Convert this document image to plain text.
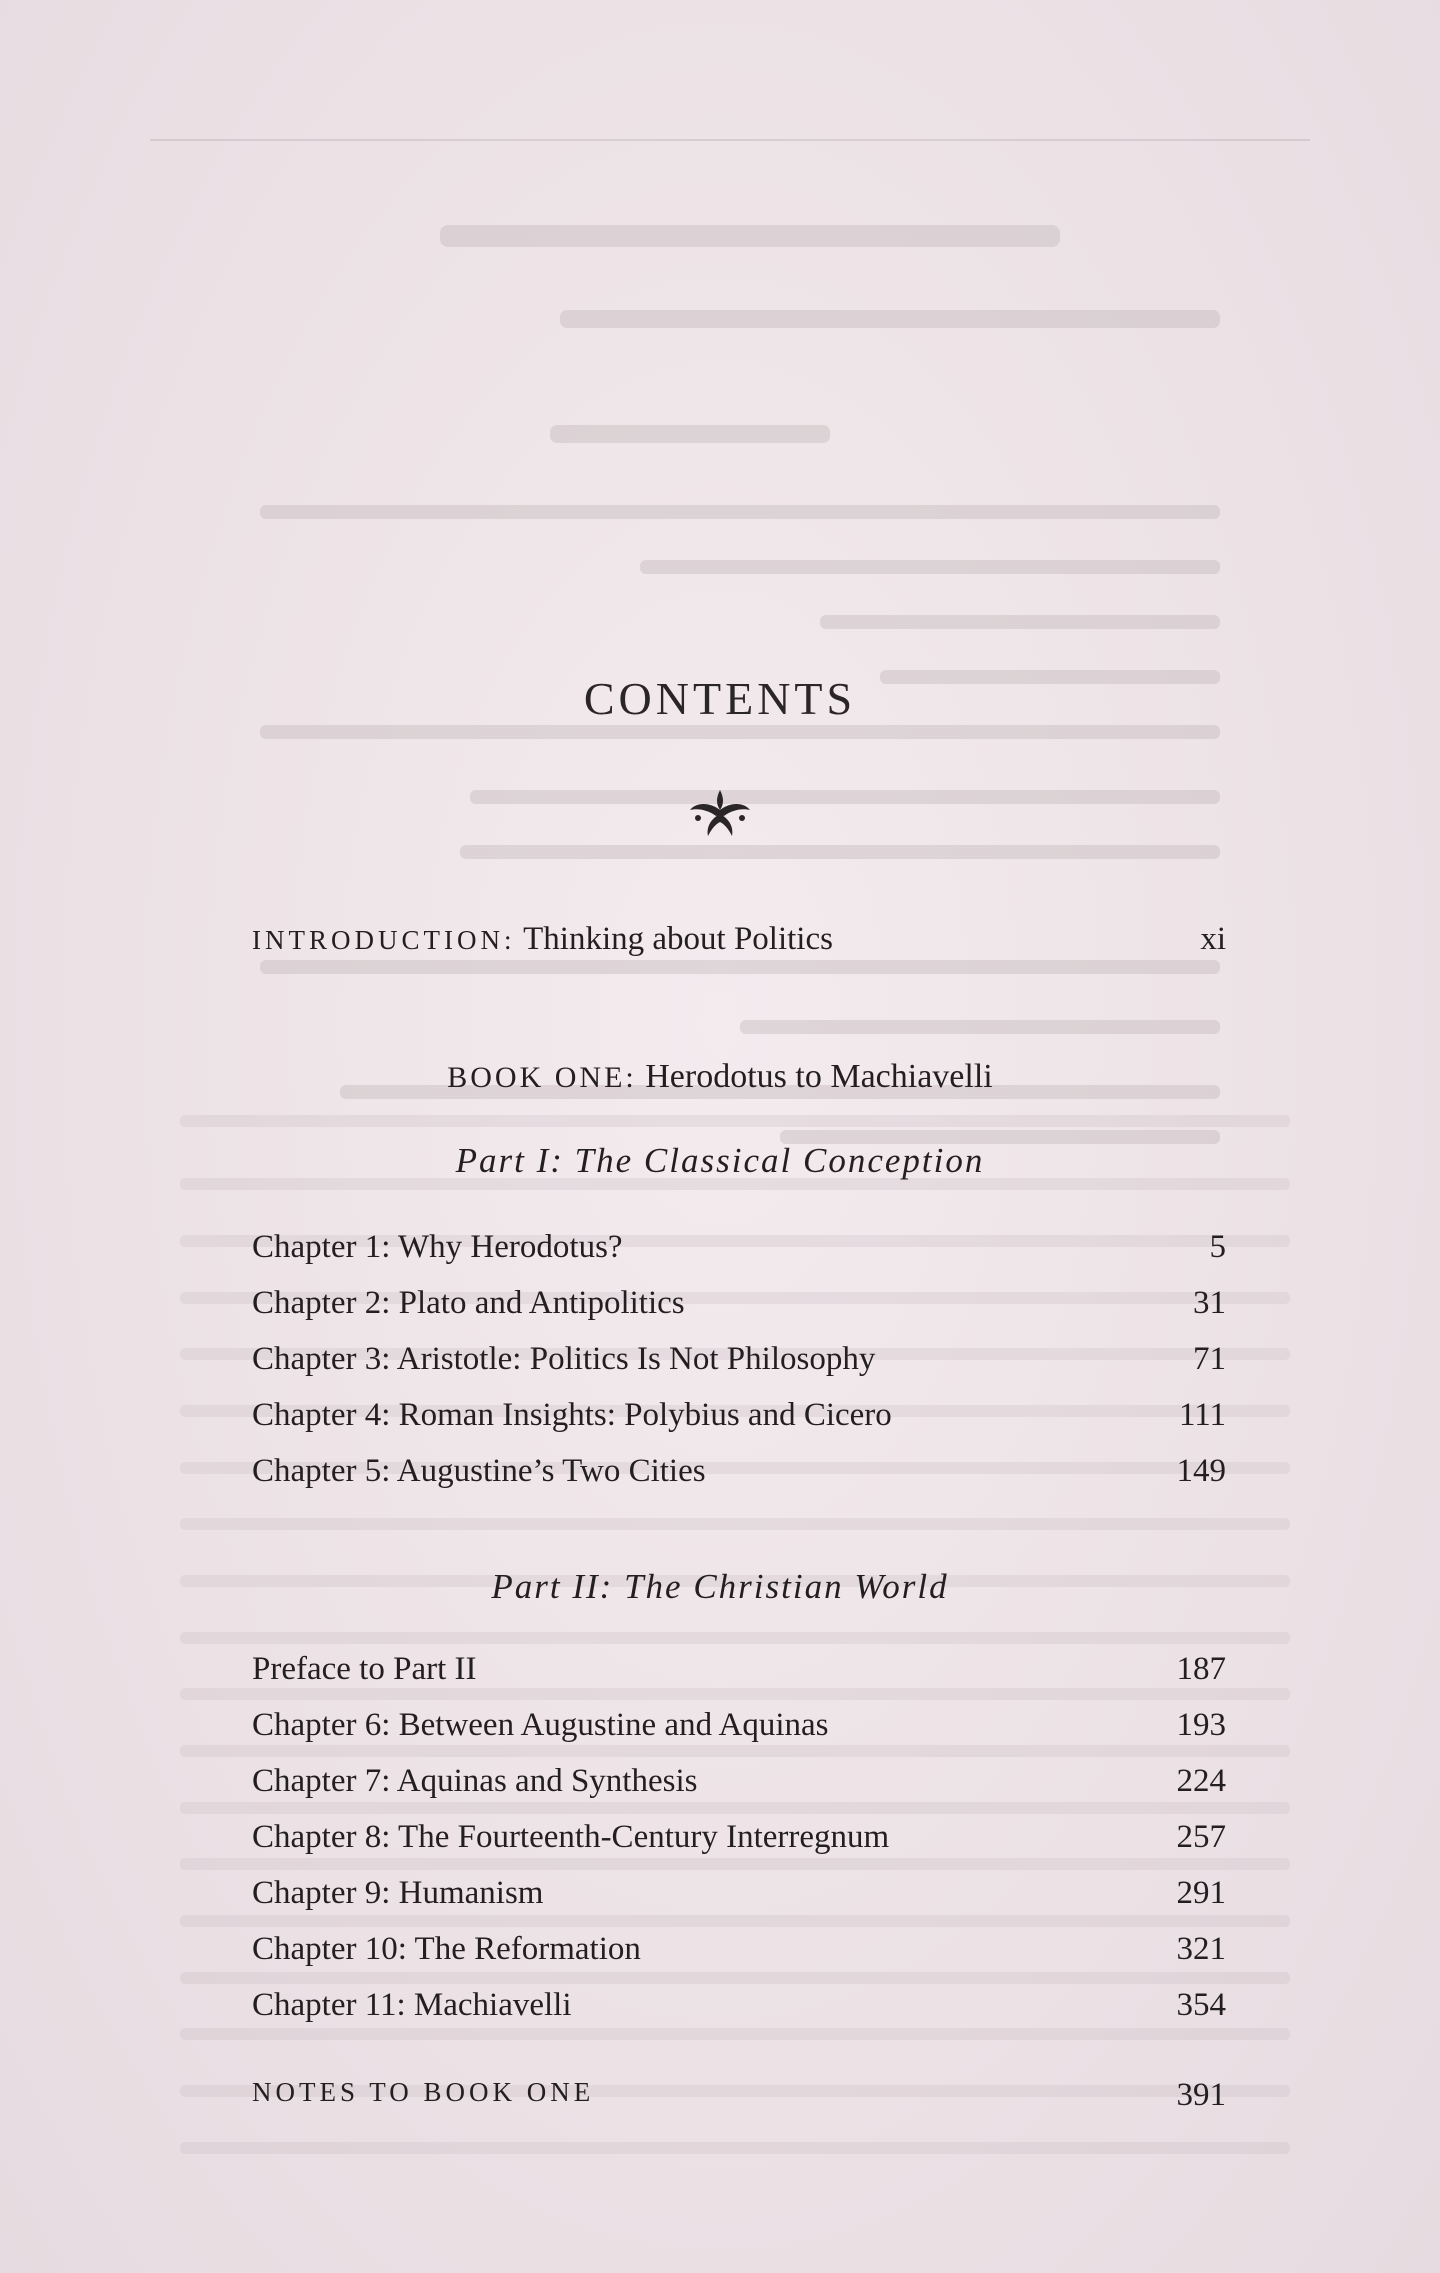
CONTENTS
INTRODUCTION: Thinking about Politics	xi
BOOK ONE: Herodotus to Machiavelli
Part I: The Classical Conception
Chapter 1: Why Herodotus?	5
Chapter 2: Plato and Antipolitics	31
Chapter 3: Aristotle: Politics Is Not Philosophy	71
Chapter 4: Roman Insights: Polybius and Cicero	111
Chapter 5: Augustine’s Two Cities	149
Part II: The Christian World
Preface to Part II	187
Chapter 6: Between Augustine and Aquinas	193
Chapter 7: Aquinas and Synthesis	224
Chapter 8: The Fourteenth-Century Interregnum	257
Chapter 9: Humanism	291
Chapter 10: The Reformation	321
Chapter 11: Machiavelli	354
NOTES TO BOOK ONE	391
